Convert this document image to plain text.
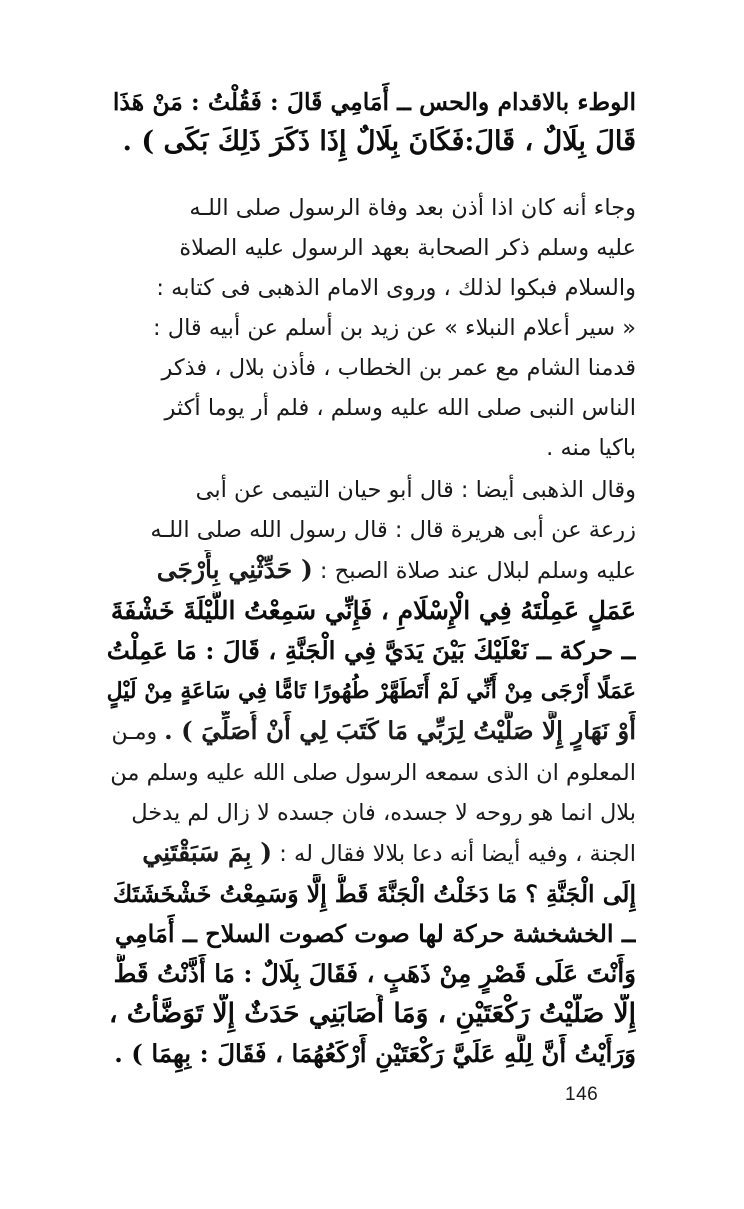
الوطء بالاقدام والحس ــ أَمَامِي قَالَ : فَقُلْتُ : مَنْ هَذَا
قَالَ بِلَالٌ ، قَالَ:فَكَانَ بِلَالٌ إِذَا ذَكَرَ ذَلِكَ بَكَى ) .
وجاء أنه كان اذا أذن بعد وفاة الرسول صلى اللـه
عليه وسلم ذكر الصحابة بعهد الرسول عليه الصلاة
والسلام فبكوا لذلك ، وروى الامام الذهبى فى كتابه :
« سير أعلام النبلاء » عن زيد بن أسلم عن أبيه قال :
قدمنا الشام مع عمر بن الخطاب ، فأذن بلال ، فذكر
الناس النبى صلى الله عليه وسلم ، فلم أر يوما أكثر
باكيا منه .
وقال الذهبى أيضا : قال أبو حيان التيمى عن أبى
زرعة عن أبى هريرة قال : قال رسول الله صلى اللـه
عليه وسلم لبلال عند صلاة الصبح : ( حَدِّثْنِي بِأَرْجَى
عَمَلٍ عَمِلْتَهُ فِي الْإِسْلَامِ ، فَإِنِّي سَمِعْتُ اللَّيْلَةَ خَشْفَةَ
ــ حركة ــ نَعْلَيْكَ بَيْنَ يَدَيَّ فِي الْجَنَّةِ ، قَالَ : مَا عَمِلْتُ
عَمَلًا أَرْجَى مِنْ أَنِّي لَمْ أَتَطَهَّرْ طُهُورًا تَامًّا فِي سَاعَةٍ مِنْ لَيْلٍ
أَوْ نَهَارٍ إِلَّا صَلَّيْتُ لِرَبِّي مَا كَتَبَ لِي أَنْ أُصَلِّيَ ) . ومـن
المعلوم ان الذى سمعه الرسول صلى الله عليه وسلم من
بلال انما هو روحه لا جسده، فان جسده لا زال لم يدخل
الجنة ، وفيه أيضا أنه دعا بلالا فقال له : ( بِمَ سَبَقْتَنِي
إِلَى الْجَنَّةِ ؟ مَا دَخَلْتُ الْجَنَّةَ قَطُّ إِلَّا وَسَمِعْتُ خَشْخَشَتَكَ
ــ الخشخشة حركة لها صوت كصوت السلاح ــ أَمَامِي
وَأَنْتَ عَلَى قَصْرٍ مِنْ ذَهَبٍ ، فَقَالَ بِلَالٌ : مَا أَذَّنْتُ قَطُّ
إِلَّا صَلَّيْتُ رَكْعَتَيْنِ ، وَمَا أَصَابَنِي حَدَثٌ إِلَّا تَوَضَّأْتُ ،
وَرَأَيْتُ أَنَّ لِلَّهِ عَلَيَّ رَكْعَتَيْنِ أَرْكَعُهُمَا ، فَقَالَ : بِهِمَا ) .
146
